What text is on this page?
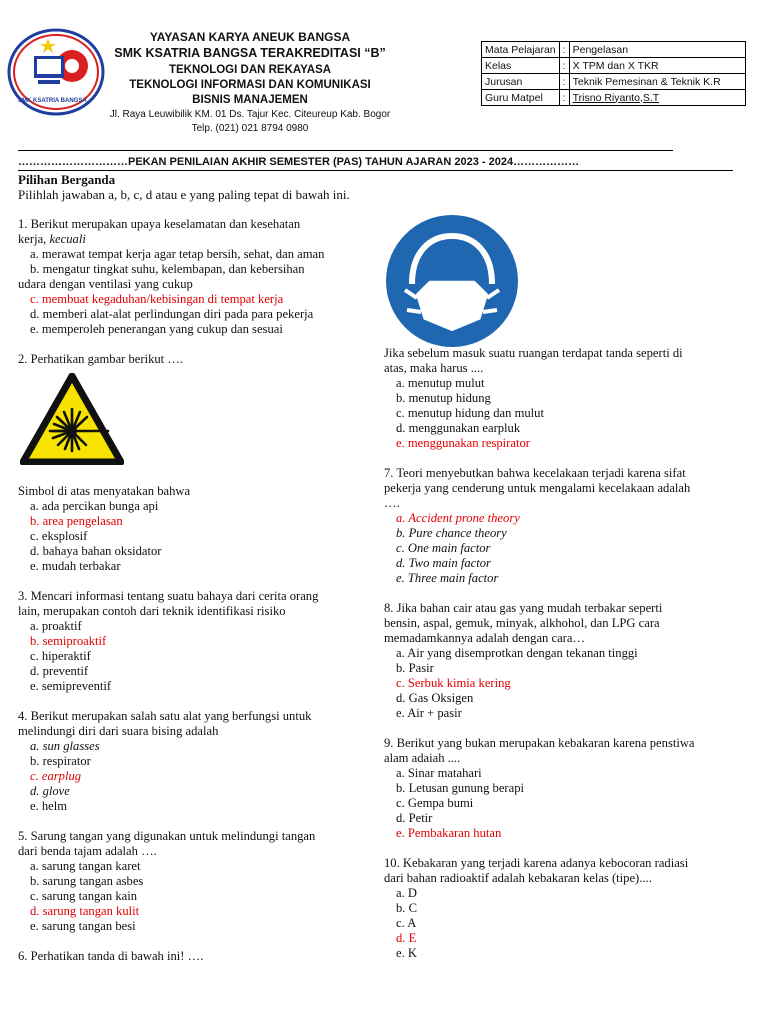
SMK KSATRIA BANGSA
YAYASAN KARYA ANEUK BANGSA
SMK KSATRIA BANGSA TERAKREDITASI “B”
TEKNOLOGI DAN REKAYASA
TEKNOLOGI INFORMASI DAN KOMUNIKASI
BISNIS MANAJEMEN
Jl. Raya Leuwibilik KM. 01 Ds. Tajur Kec. Citeureup Kab. Bogor
Telp. (021) 021 8794 0980
Mata Pelajaran	:	Pengelasan
Kelas	:	X TPM dan X TKR
Jurusan	:	Teknik Pemesinan & Teknik K.R
Guru Matpel	:	Trisno Riyanto,S.T
…………………………PEKAN PENILAIAN AKHIR SEMESTER (PAS) TAHUN AJARAN 2023 - 2024………………
Pilihan Berganda
Pilihlah jawaban a, b, c, d atau e yang paling tepat di bawah ini.
1. Berikut merupakan upaya keselamatan dan kesehatan
kerja, kecuali
a. merawat tempat kerja agar tetap bersih, sehat, dan aman
b. mengatur tingkat suhu, kelembapan, dan kebersihan
udara dengan ventilasi yang cukup
c. membuat kegaduhan/kebisingan di tempat kerja
d. memberi alat-alat perlindungan diri pada para pekerja
e. memperoleh penerangan yang cukup dan sesuai
2. Perhatikan gambar berikut ….
Simbol di atas menyatakan bahwa
a. ada percikan bunga api
b. area pengelasan
c. eksplosif
d. bahaya bahan oksidator
e. mudah terbakar
3. Mencari informasi tentang suatu bahaya dari cerita orang
lain, merupakan contoh dari teknik identifikasi risiko
a. proaktif
b. semiproaktif
c. hiperaktif
d. preventif
e. semipreventif
4. Berikut merupakan salah satu alat yang berfungsi untuk
melindungi diri dari suara bising adalah
a. sun glasses
b. respirator
c. earplug
d. glove
e. helm
5. Sarung tangan yang digunakan untuk melindungi tangan
dari benda tajam adalah ….
a. sarung tangan karet
b. sarung tangan asbes
c. sarung tangan kain
d. sarung tangan kulit
e. sarung tangan besi
6. Perhatikan tanda di bawah ini! ….
Jika sebelum masuk suatu ruangan terdapat tanda seperti di
atas, maka harus ....
a. menutup mulut
b. menutup hidung
c. menutup hidung dan mulut
d. menggunakan earpluk
e. menggunakan respirator
7. Teori menyebutkan bahwa kecelakaan terjadi karena sifat
pekerja yang cenderung untuk mengalami kecelakaan adalah
….
a. Accident prone theory
b. Pure chance theory
c. One main factor
d. Two main factor
e. Three main factor
8. Jika bahan cair atau gas yang mudah terbakar seperti
bensin, aspal, gemuk, minyak, alkhohol, dan LPG cara
memadamkannya adalah dengan cara…
a. Air yang disemprotkan dengan tekanan tinggi
b. Pasir
c. Serbuk kimia kering
d. Gas Oksigen
e. Air + pasir
9. Berikut yang bukan merupakan kebakaran karena penstiwa
alam adaiah ....
a. Sinar matahari
b. Letusan gunung berapi
c. Gempa bumi
d. Petir
e. Pembakaran hutan
10. Kebakaran yang terjadi karena adanya kebocoran radiasi
dari bahan radioaktif adalah kebakaran kelas (tipe)....
a. D
b. C
c. A
d. E
e. K
